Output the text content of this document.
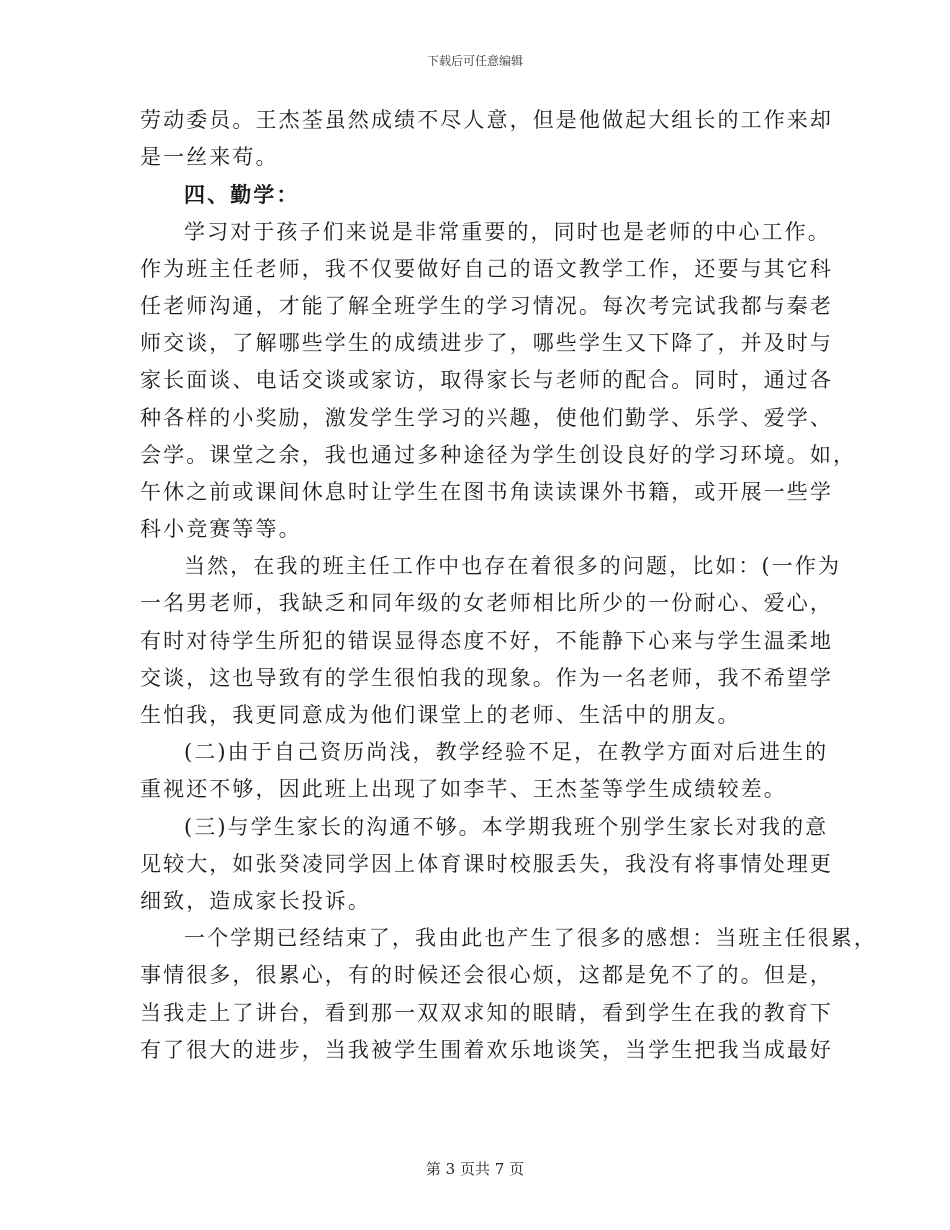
下载后可任意编辑
劳动委员。王杰荃虽然成绩不尽人意，但是他做起大组长的工作来却
是一丝来苟。
四、勤学：
学习对于孩子们来说是非常重要的，同时也是老师的中心工作。
作为班主任老师，我不仅要做好自己的语文教学工作，还要与其它科
任老师沟通，才能了解全班学生的学习情况。每次考完试我都与秦老
师交谈，了解哪些学生的成绩进步了，哪些学生又下降了，并及时与
家长面谈、电话交谈或家访，取得家长与老师的配合。同时，通过各
种各样的小奖励，激发学生学习的兴趣，使他们勤学、乐学、爱学、
会学。课堂之余，我也通过多种途径为学生创设良好的学习环境。如，
午休之前或课间休息时让学生在图书角读读课外书籍，或开展一些学
科小竞赛等等。
当然，在我的班主任工作中也存在着很多的问题，比如：(一作为
一名男老师，我缺乏和同年级的女老师相比所少的一份耐心、爱心，
有时对待学生所犯的错误显得态度不好，不能静下心来与学生温柔地
交谈，这也导致有的学生很怕我的现象。作为一名老师，我不希望学
生怕我，我更同意成为他们课堂上的老师、生活中的朋友。
(二)由于自己资历尚浅，教学经验不足，在教学方面对后进生的
重视还不够，因此班上出现了如李芊、王杰荃等学生成绩较差。
(三)与学生家长的沟通不够。本学期我班个别学生家长对我的意
见较大，如张癸凌同学因上体育课时校服丢失，我没有将事情处理更
细致，造成家长投诉。
一个学期已经结束了，我由此也产生了很多的感想：当班主任很累，
事情很多，很累心，有的时候还会很心烦，这都是免不了的。但是，
当我走上了讲台，看到那一双双求知的眼睛，看到学生在我的教育下
有了很大的进步，当我被学生围着欢乐地谈笑，当学生把我当成最好
第 3 页共 7 页
